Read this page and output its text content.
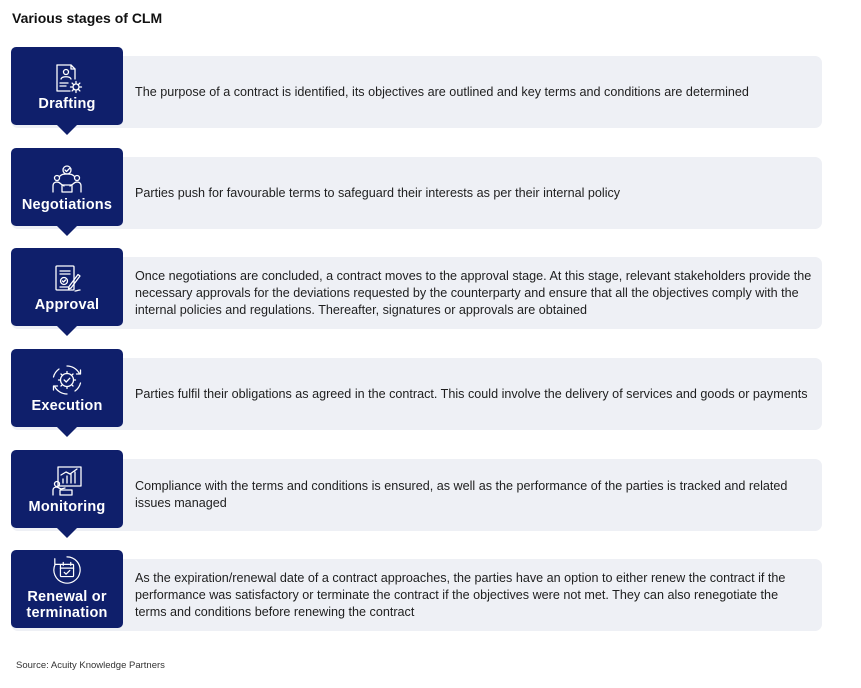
Various stages of CLM
The purpose of a contract is identified, its objectives are outlined and key terms and conditions are determined
Drafting
Parties push for favourable terms to safeguard their interests as per their internal policy
Negotiations
Once negotiations are concluded, a contract moves to the approval stage. At this stage, relevant stakeholders provide the necessary approvals for the deviations requested by the counterparty and ensure that all the objectives comply with the internal policies and regulations. Thereafter, signatures or approvals are obtained
Approval
Parties fulfil their obligations as agreed in the contract. This could involve the delivery of services and goods or payments
Execution
Compliance with the terms and conditions is ensured, as well as the performance of the parties is tracked and related issues managed
Monitoring
As the expiration/renewal date of a contract approaches, the parties have an option to either renew the contract if the performance was satisfactory or terminate the contract if the objectives were not met. They can also renegotiate the terms and conditions before renewing the contract
Renewal or termination
Source: Acuity Knowledge Partners
